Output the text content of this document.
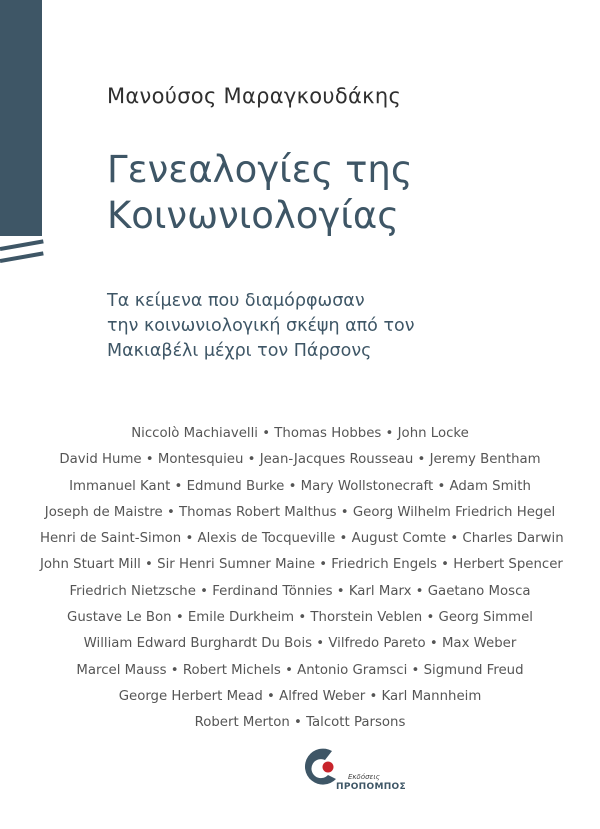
Μανούσος Μαραγκουδάκης
Γενεαλογίες της
Κοινωνιολογίας
Τα κείμενα που διαμόρφωσαν
την κοινωνιολογική σκέψη από τον
Μακιαβέλι μέχρι τον Πάρσονς
Niccolò Machiavelli • Thomas Hobbes • John Locke
David Hume • Montesquieu • Jean-Jacques Rousseau • Jeremy Bentham
Immanuel Kant • Edmund Burke • Mary Wollstonecraft • Adam Smith
Joseph de Maistre • Thomas Robert Malthus • Georg Wilhelm Friedrich Hegel
Henri de Saint-Simon • Alexis de Tocqueville • August Comte • Charles Darwin
John Stuart Mill • Sir Henri Sumner Maine • Friedrich Engels • Herbert Spencer
Friedrich Nietzsche • Ferdinand Tönnies • Karl Marx • Gaetano Mosca
Gustave Le Bon • Emile Durkheim • Thorstein Veblen • Georg Simmel
William Edward Burghardt Du Bois • Vilfredo Pareto • Max Weber
Marcel Mauss • Robert Michels • Antonio Gramsci • Sigmund Freud
George Herbert Mead • Alfred Weber • Karl Mannheim
Robert Merton • Talcott Parsons
Εκδόσεις
ΠΡΟΠΟΜΠΟΣ
